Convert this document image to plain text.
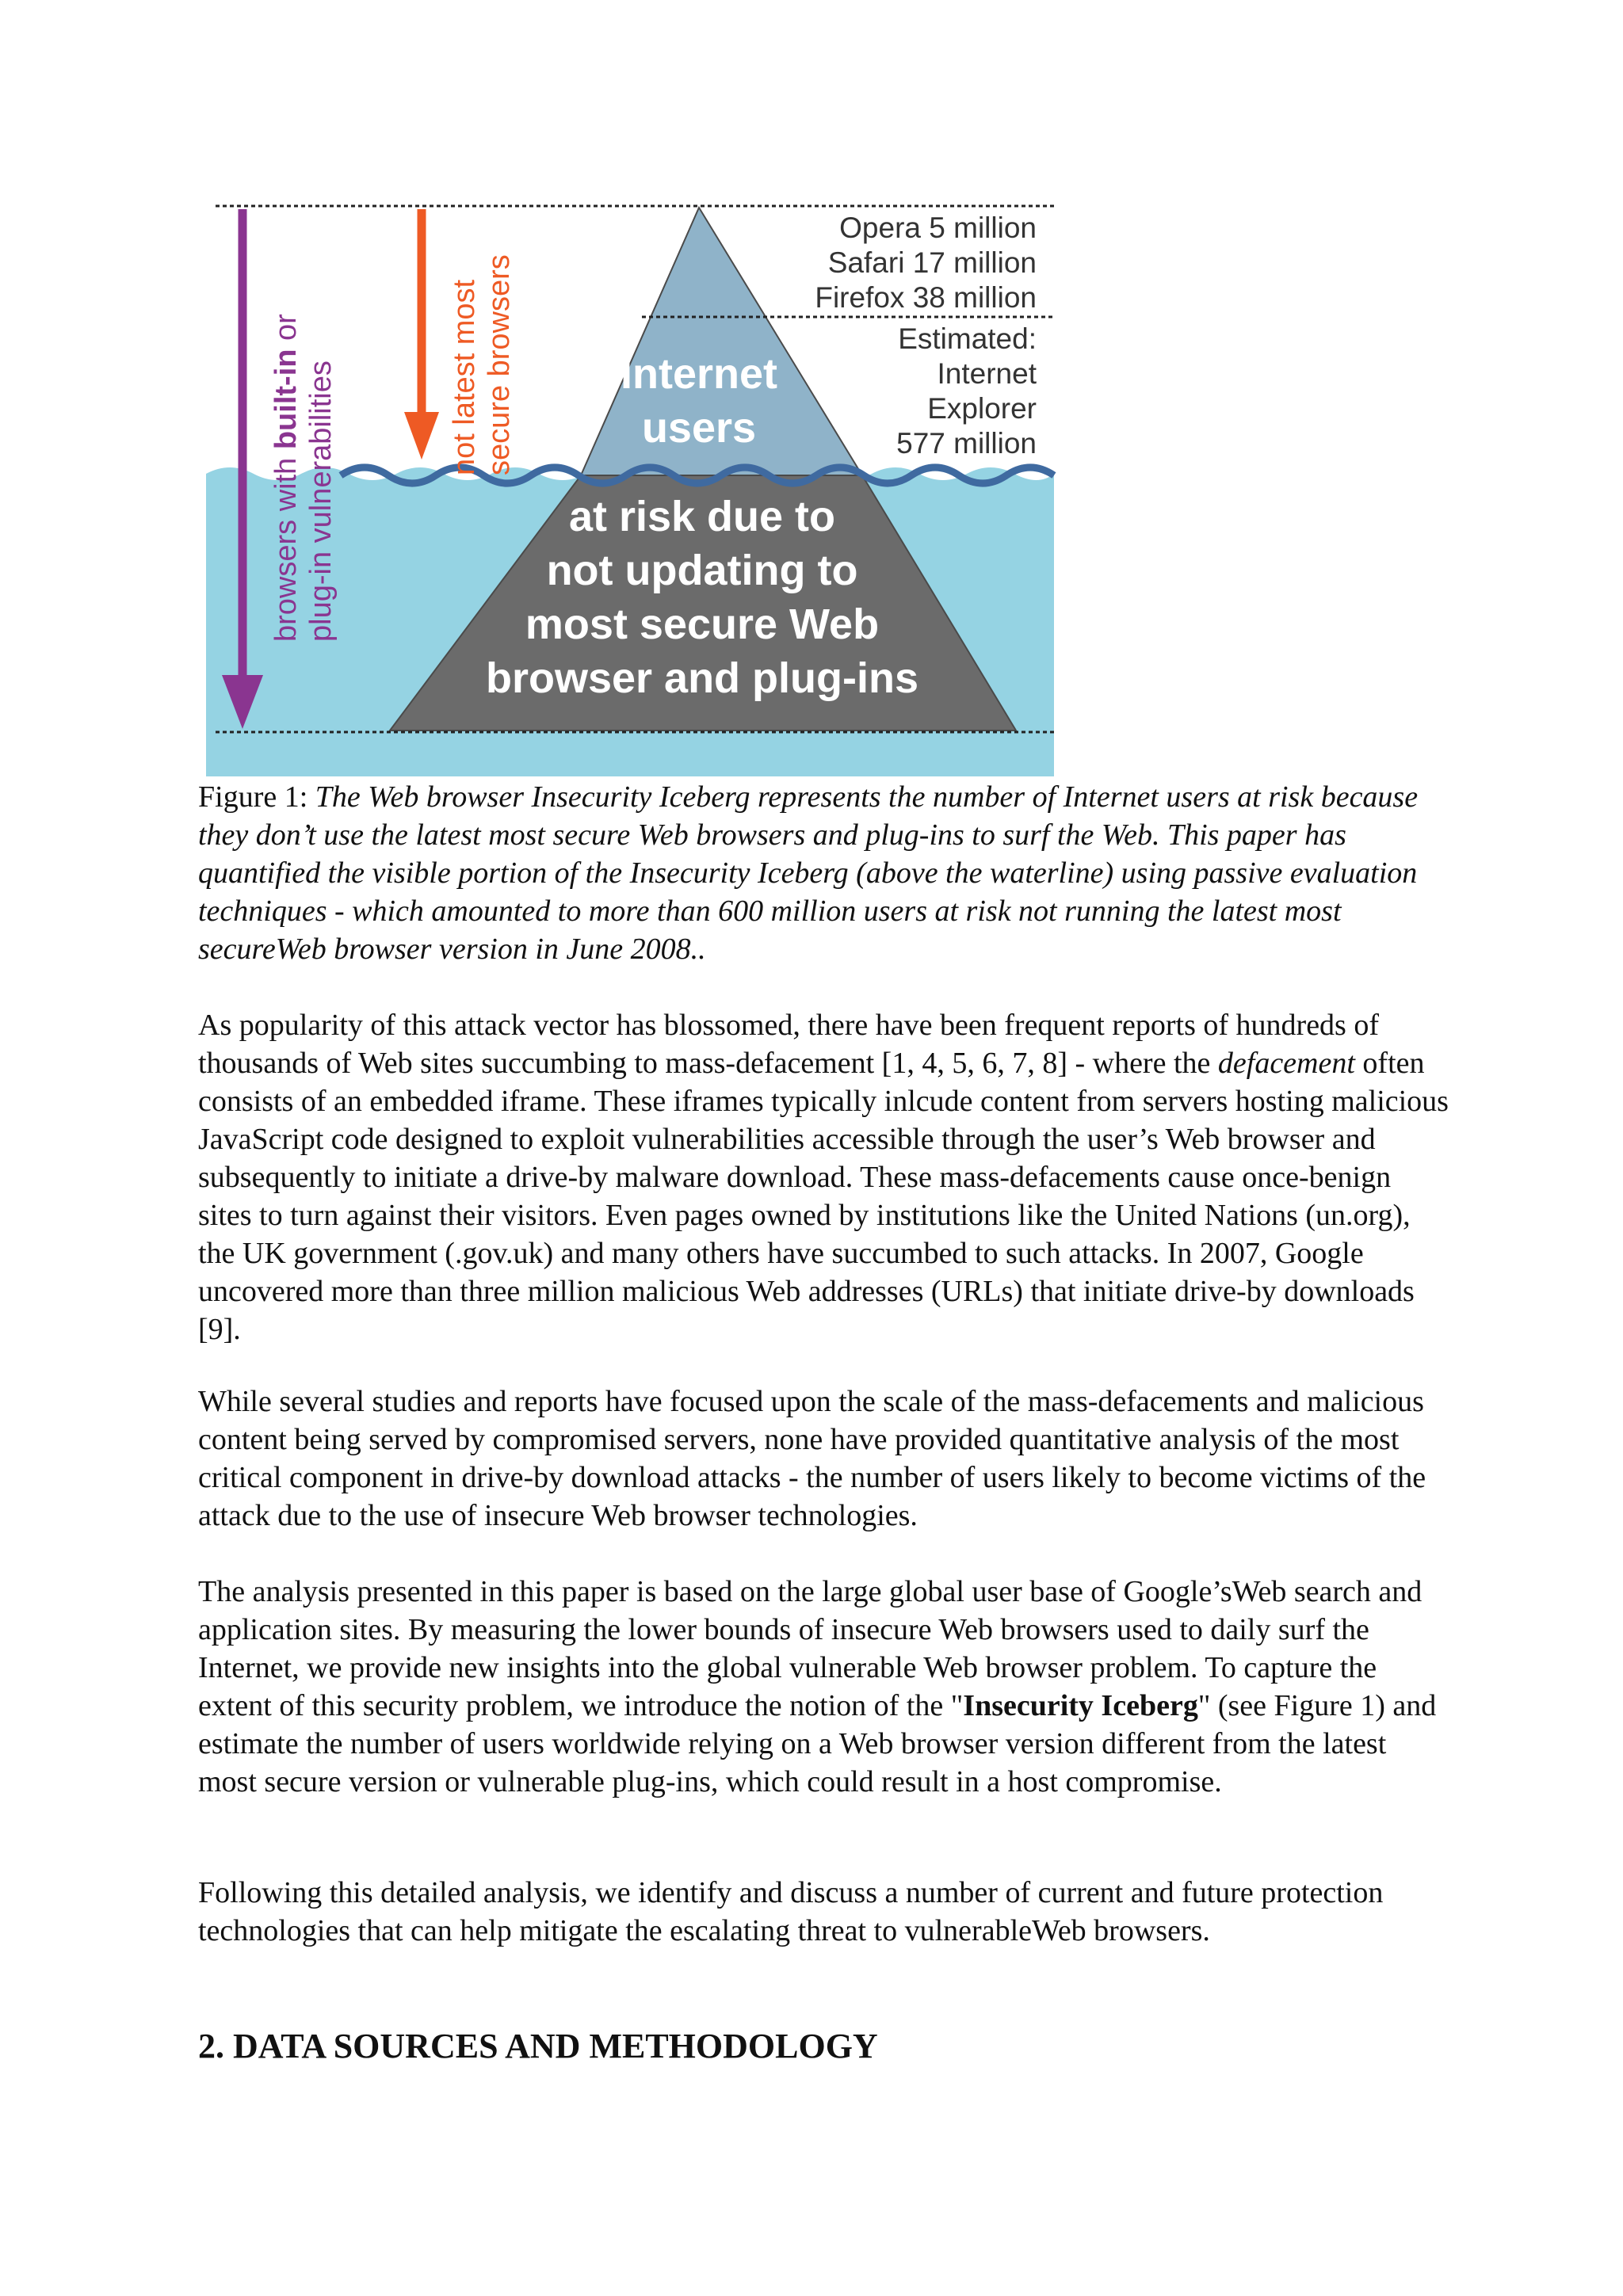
browsers with built-in or
plug-in vulnerabilities	not latest most secure browsers Internet
users
at risk due to
not updating to
most secure Web
browser and plug-ins
Opera 5 million
Safari 17 million
Firefox 38 million
Estimated:
Internet
Explorer
577 million
Figure 1: The Web browser Insecurity Iceberg represents the number of Internet users at risk because they don’t use the latest most secure Web browsers and plug-ins to surf the Web. This paper has quantified the visible portion of the Insecurity Iceberg (above the waterline) using passive evaluation techniques - which amounted to more than 600 million users at risk not running the latest most secureWeb browser version in June 2008..
As popularity of this attack vector has blossomed, there have been frequent reports of hundreds of thousands of Web sites succumbing to mass-defacement [1, 4, 5, 6, 7, 8] - where the defacement often consists of an embedded iframe. These iframes typically inlcude content from servers hosting malicious JavaScript code designed to exploit vulnerabilities accessible through the user’s Web browser and subsequently to initiate a drive-by malware download. These mass-defacements cause once-benign sites to turn against their visitors. Even pages owned by institutions like the United Nations (un.org), the UK government (.gov.uk) and many others have succumbed to such attacks. In 2007, Google uncovered more than three million malicious Web addresses (URLs) that initiate drive-by downloads [9].
While several studies and reports have focused upon the scale of the mass-defacements and malicious content being served by compromised servers, none have provided quantitative analysis of the most critical component in drive-by download attacks - the number of users likely to become victims of the attack due to the use of insecure Web browser technologies.
The analysis presented in this paper is based on the large global user base of Google’sWeb search and application sites. By measuring the lower bounds of insecure Web browsers used to daily surf the Internet, we provide new insights into the global vulnerable Web browser problem. To capture the extent of this security problem, we introduce the notion of the "Insecurity Iceberg" (see Figure 1) and estimate the number of users worldwide relying on a Web browser version different from the latest most secure version or vulnerable plug-ins, which could result in a host compromise.
Following this detailed analysis, we identify and discuss a number of current and future protection technologies that can help mitigate the escalating threat to vulnerableWeb browsers.
2. DATA SOURCES AND METHODOLOGY
